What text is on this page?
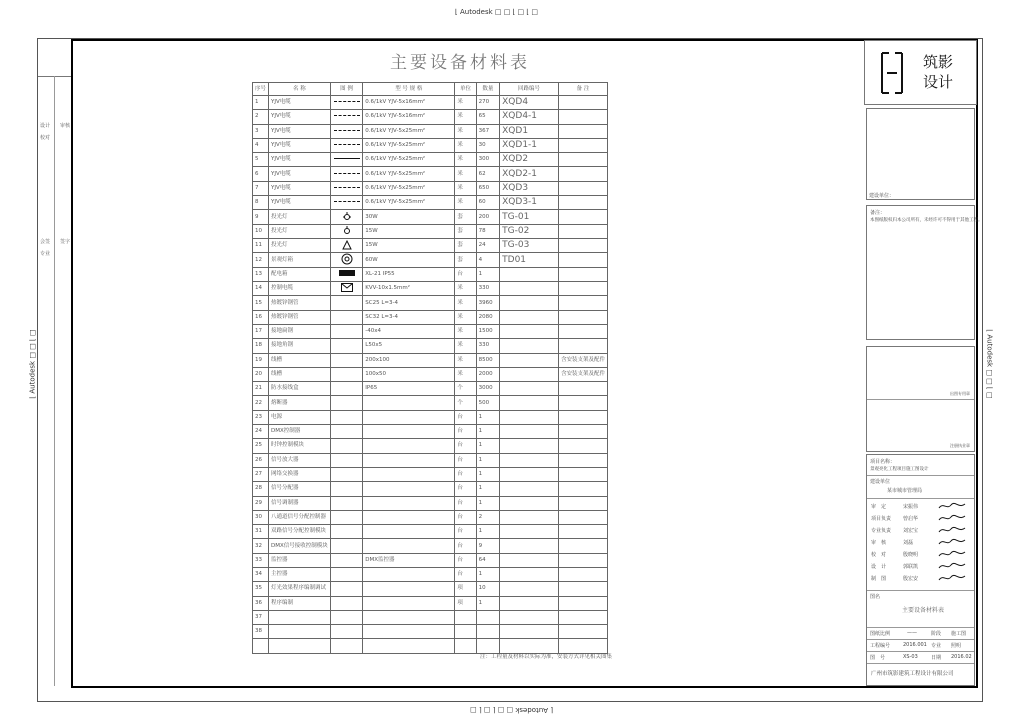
⌊ Autodesk □ □ ⌊ □ ⌊ □
⌊ Autodesk □ □ ⌊ □ ⌊ □
⌊ Autodesk □ □ ⌊ □	⌊ Autodesk □ □ ⌊ □
设计
校对
审核
会签
专业
签字
主要设备材料表
序号	名 称	图 例	型 号 规 格	单位	数量	回路编号	备 注
1	YJV电缆		0.6/1kV YJV-5x16mm²	米	270	XQD4	
2	YJV电缆		0.6/1kV YJV-5x16mm²	米	65	XQD4-1	
3	YJV电缆		0.6/1kV YJV-5x25mm²	米	367	XQD1	
4	YJV电缆		0.6/1kV YJV-5x25mm²	米	30	XQD1-1	
5	YJV电缆		0.6/1kV YJV-5x25mm²	米	300	XQD2	
6	YJV电缆		0.6/1kV YJV-5x25mm²	米	62	XQD2-1	
7	YJV电缆		0.6/1kV YJV-5x25mm²	米	650	XQD3	
8	YJV电缆		0.6/1kV YJV-5x25mm²	米	60	XQD3-1	
9	投光灯		30W	套	200	TG-01	
10	投光灯		15W	套	78	TG-02	
11	投光灯		15W	套	24	TG-03	
12	景观灯箱		60W	套	4	TD01	
13	配电箱		XL-21 IP55	台	1		
14	控制电缆		KVV-10x1.5mm²	米	330		
15	热镀锌钢管		SC25 L=3-4	米	3960		
16	热镀锌钢管		SC32 L=3-4	米	2080		
17	接地扁钢		-40x4	米	1500		
18	接地角钢		L50x5	米	330		
19	线槽		200x100	米	8500		含安装支架及配件
20	线槽		100x50	米	2000		含安装支架及配件
21	防水接线盒		IP65	个	3000		
22	熔断器			个	500		
23	电源			台	1		
24	DMX控制器			台	1		
25	时钟控制模块			台	1		
26	信号放大器			台	1		
27	网络交换器			台	1		
28	信号分配器			台	1		
29	信号调制器			台	1		
30	八通道信号分配控制器			台	2		
31	双路信号分配控制模块			台	1		
32	DMX信号接收控制模块			台	9		
33	监控器		DMX监控器	台	64		
34	主控器			台	1		
35	灯光效果程序编制调试			项	10		
36	程序编制			项	1		
37							
38							

注：工程量及材料以实际为准，安装方式详见相关图集
筑影
设计
建设单位：
备注：
本图纸版权归本公司所有，未经许可不得用于其他工程。
出图专用章
注册执业章
项目名称：
景观亮化工程项目施工图设计
建设单位
某市城市管理局
审　定	宋振伟
项目负责 曾启华
专业负责 刘宏宝
审　核	刘磊
校　对	殷晓明
设　计	郭联凯
制　图	殷宏安
图名
主要设备材料表
图纸比例	——	阶段 施工图
工程编号	2016.001 专业 照明
图　号	XS-03	日期 2016.02
广州市筑影建筑工程设计有限公司
